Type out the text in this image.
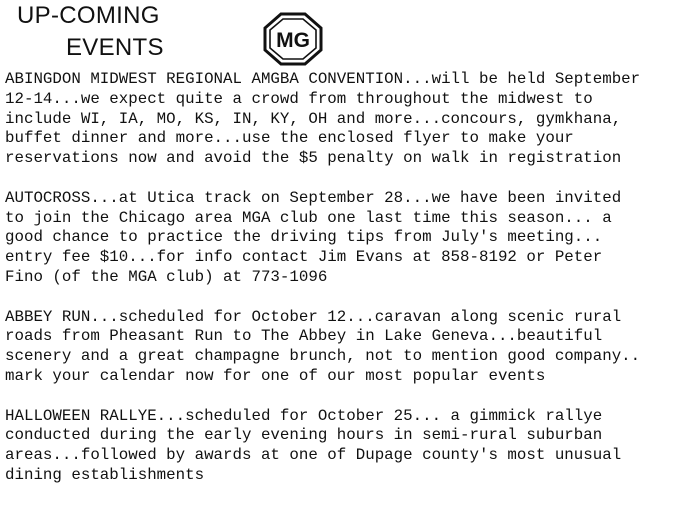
UP-COMING
EVENTS	MG
ABINGDON MIDWEST REGIONAL AMGBA CONVENTION...will be held September
12-14...we expect quite a crowd from throughout the midwest to
include WI, IA, MO, KS, IN, KY, OH and more...concours, gymkhana,
buffet dinner and more...use the enclosed flyer to make your
reservations now and avoid the $5 penalty on walk in registration
AUTOCROSS...at Utica track on September 28...we have been invited
to join the Chicago area MGA club one last time this season... a
good chance to practice the driving tips from July's meeting...
entry fee $10...for info contact Jim Evans at 858-8192 or Peter
Fino (of the MGA club) at 773-1096
ABBEY RUN...scheduled for October 12...caravan along scenic rural
roads from Pheasant Run to The Abbey in Lake Geneva...beautiful
scenery and a great champagne brunch, not to mention good company..
mark your calendar now for one of our most popular events
HALLOWEEN RALLYE...scheduled for October 25... a gimmick rallye
conducted during the early evening hours in semi-rural suburban
areas...followed by awards at one of Dupage county's most unusual
dining establishments
